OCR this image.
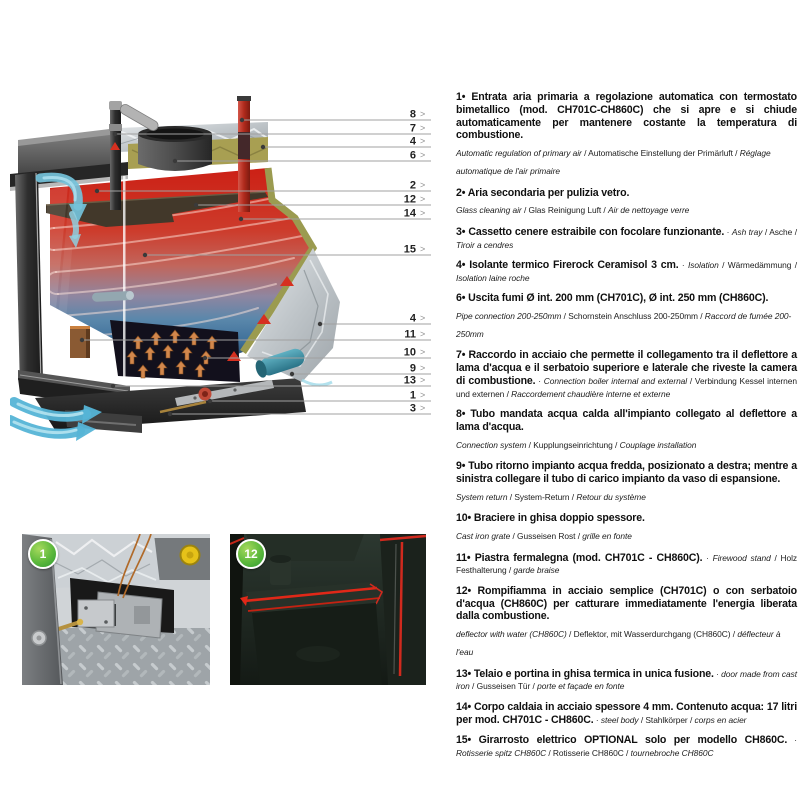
8 >
7 >
4 >
6 >
2 >
12 >
14 >
15 >
4 >
11 >
10 >
9 >
13 >
1 >
3 >
1	12

1• Entrata aria primaria a regolazione automatica con termostato bimetallico (mod. CH701C-CH860C) che si apre e si chiude automaticamente per mantenere costante la temperatura di combustione.

Automatic regulation of primary air / Automatische Einstellung der Primärluft / Réglage automatique de l'air primaire

2• Aria secondaria per pulizia vetro.

Glass cleaning air / Glas Reinigung Luft / Air de nettoyage verre

3• Cassetto cenere estraibile con focolare funzionante. · Ash tray / Asche / Tiroir a cendres

4• Isolante termico Firerock Ceramisol 3 cm. · Isolation / Wärmedämmung / Isolation laine roche

6• Uscita fumi Ø int. 200 mm (CH701C), Ø int. 250 mm (CH860C).

Pipe connection 200-250mm / Schornstein Anschluss 200-250mm / Raccord de fumée 200-250mm

7• Raccordo in acciaio che permette il collegamento tra il deflettore a lama d'acqua e il serbatoio superiore e laterale che riveste la camera di combustione. · Connection boiler internal and external / Verbindung Kessel internen und externen / Raccordement chaudière interne et externe

8• Tubo mandata acqua calda all'impianto collegato al deflettore a lama d'acqua.

Connection system / Kupplungseinrichtung / Couplage installation

9• Tubo ritorno impianto acqua fredda, posizionato a destra; mentre a sinistra collegare il tubo di carico impianto da vaso di espansione.

System return / System-Return / Retour du système

10• Braciere in ghisa doppio spessore.

Cast iron grate / Gusseisen Rost / grille en fonte

11• Piastra fermalegna (mod. CH701C - CH860C). · Firewood stand / Holz Festhalterung / garde braise

12• Rompifiamma in acciaio semplice (CH701C) o con serbatoio d'acqua (CH860C) per catturare immediatamente l'energia liberata dalla combustione.

deflector with water (CH860C) / Deflektor, mit Wasserdurchgang (CH860C) / déflecteur à l'eau

13• Telaio e portina in ghisa termica in unica fusione. · door made from cast iron / Gusseisen Tür / porte et façade en fonte

14• Corpo caldaia in acciaio spessore 4 mm. Contenuto acqua: 17 litri per mod. CH701C - CH860C. · steel body / Stahlkörper / corps en acier

15• Girarrosto elettrico OPTIONAL solo per modello CH860C. · Rotisserie spitz CH860C / Rotisserie CH860C / tournebroche CH860C
